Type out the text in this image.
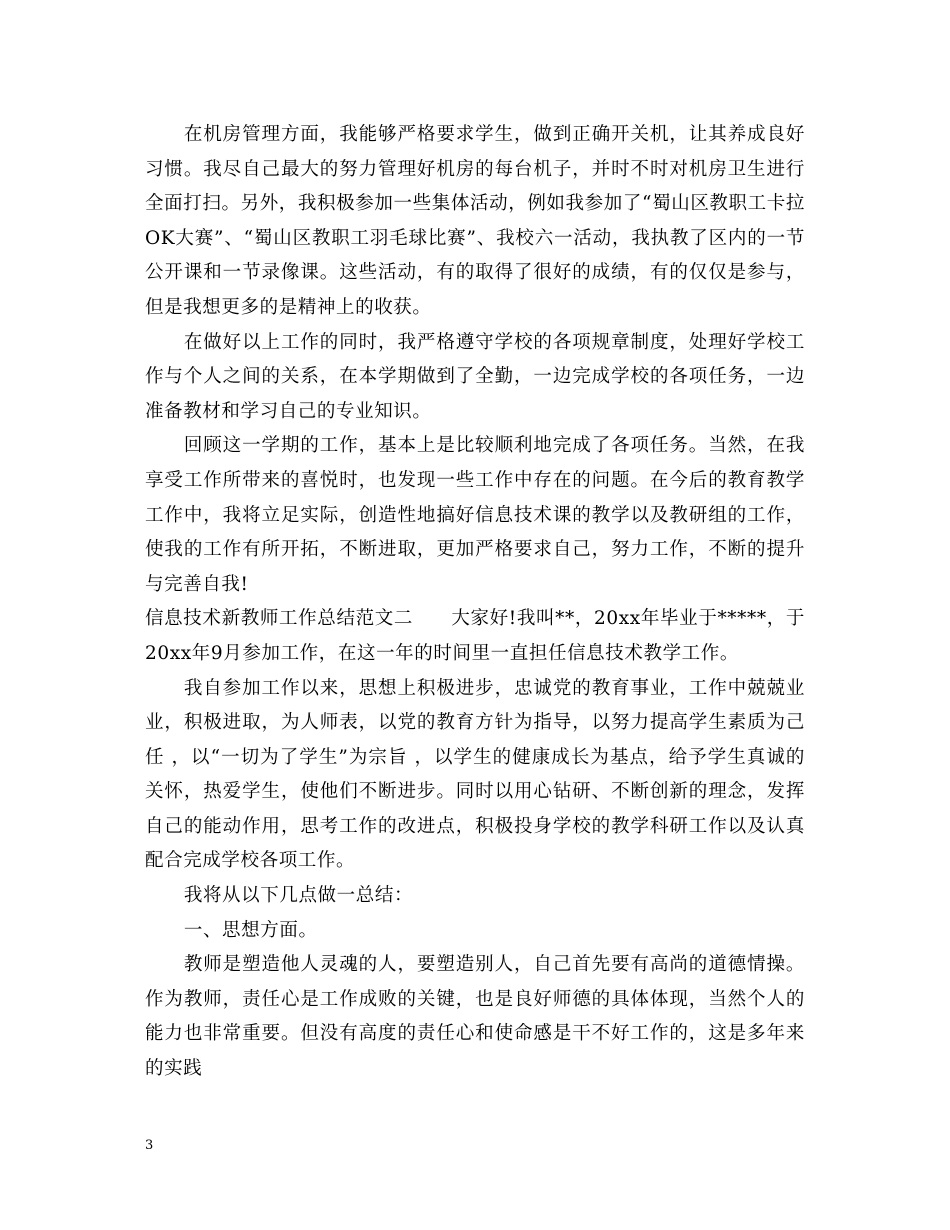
在机房管理方面，我能够严格要求学生，做到正确开关机，让其养成良好习惯。我尽自己最大的努力管理好机房的每台机子，并时不时对机房卫生进行全面打扫。另外，我积极参加一些集体活动，例如我参加了“蜀山区教职工卡拉OK大赛”、“蜀山区教职工羽毛球比赛”、我校六一活动，我执教了区内的一节公开课和一节录像课。这些活动，有的取得了很好的成绩，有的仅仅是参与，但是我想更多的是精神上的收获。

在做好以上工作的同时，我严格遵守学校的各项规章制度，处理好学校工作与个人之间的关系，在本学期做到了全勤，一边完成学校的各项任务，一边准备教材和学习自己的专业知识。

回顾这一学期的工作，基本上是比较顺利地完成了各项任务。当然，在我享受工作所带来的喜悦时，也发现一些工作中存在的问题。在今后的教育教学工作中，我将立足实际，创造性地搞好信息技术课的教学以及教研组的工作，使我的工作有所开拓，不断进取，更加严格要求自己，努力工作，不断的提升与完善自我!

信息技术新教师工作总结范文二　　大家好!我叫**，20xx年毕业于*****，于20xx年9月参加工作，在这一年的时间里一直担任信息技术教学工作。

我自参加工作以来，思想上积极进步，忠诚党的教育事业，工作中兢兢业业，积极进取，为人师表，以党的教育方针为指导，以努力提高学生素质为己任 ，以“一切为了学生”为宗旨 ，以学生的健康成长为基点，给予学生真诚的关怀，热爱学生，使他们不断进步。同时以用心钻研、不断创新的理念，发挥自己的能动作用，思考工作的改进点，积极投身学校的教学科研工作以及认真配合完成学校各项工作。

我将从以下几点做一总结：

一、思想方面。

教师是塑造他人灵魂的人，要塑造别人，自己首先要有高尚的道德情操。作为教师，责任心是工作成败的关键，也是良好师德的具体体现，当然个人的能力也非常重要。但没有高度的责任心和使命感是干不好工作的，这是多年来的实践

3
